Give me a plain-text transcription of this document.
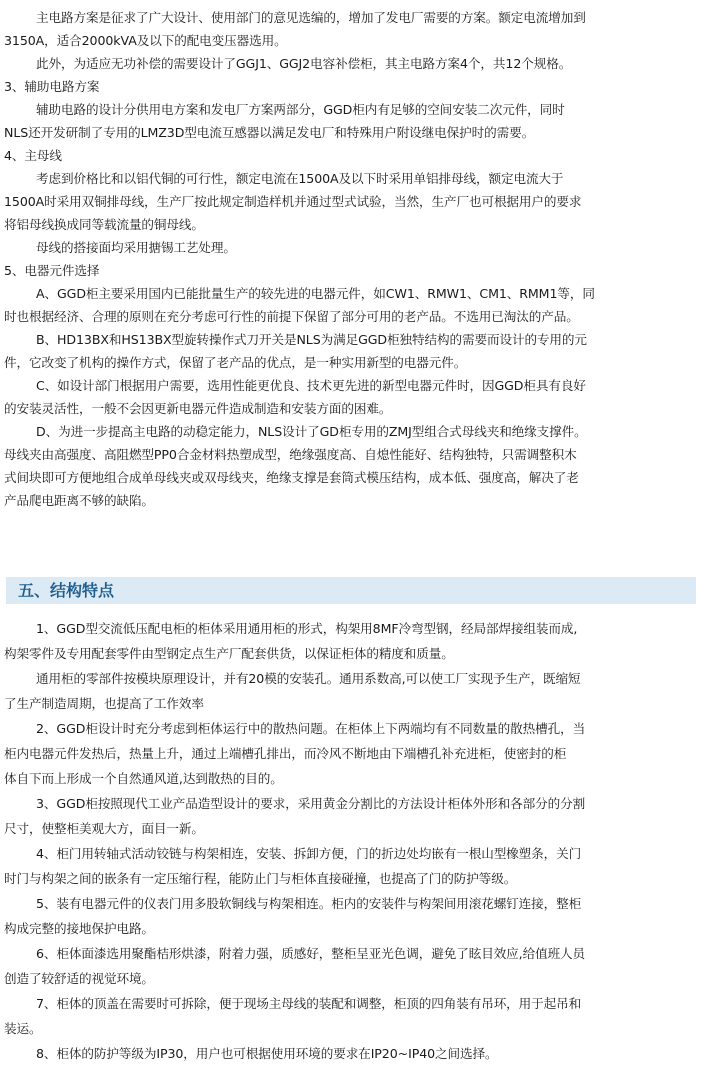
主电路方案是征求了广大设计、使用部门的意见选编的，增加了发电厂需要的方案。额定电流增加到
3150A，适合2000kVA及以下的配电变压器选用。
此外，为适应无功补偿的需要设计了GGJ1、GGJ2电容补偿柜，其主电路方案4个，共12个规格。
3、辅助电路方案
辅助电路的设计分供用电方案和发电厂方案两部分，GGD柜内有足够的空间安装二次元件，同时
NLS还开发研制了专用的LMZ3D型电流互感器以满足发电厂和特殊用户附设继电保护时的需要。
4、主母线
考虑到价格比和以铝代铜的可行性，额定电流在1500A及以下时采用单铝排母线，额定电流大于
1500A时采用双铜排母线，生产厂按此规定制造样机并通过型式试验，当然，生产厂也可根据用户的要求
将铝母线换成同等载流量的铜母线。
母线的搭接面均采用搪锡工艺处理。
5、电器元件选择
A、GGD柜主要采用国内已能批量生产的较先进的电器元件，如CW1、RMW1、CM1、RMM1等，同
时也根据经济、合理的原则在充分考虑可行性的前提下保留了部分可用的老产品。不选用已淘汰的产品。
B、HD13BX和HS13BX型旋转操作式刀开关是NLS为满足GGD柜独特结构的需要而设计的专用的元
件，它改变了机构的操作方式，保留了老产品的优点，是一种实用新型的电器元件。
C、如设计部门根据用户需要，选用性能更优良、技术更先进的新型电器元件时，因GGD柜具有良好
的安装灵活性，一般不会因更新电器元件造成制造和安装方面的困难。
D、为进一步提高主电路的动稳定能力，NLS设计了GD柜专用的ZMJ型组合式母线夹和绝缘支撑件。
母线夹由高强度、高阻燃型PP0合金材料热塑成型，绝缘强度高、自熄性能好、结构独特，只需调整积木
式间块即可方便地组合成单母线夹或双母线夹，绝缘支撑是套筒式模压结构，成本低、强度高，解决了老
产品爬电距离不够的缺陷。
五、结构特点
1、GGD型交流低压配电柜的柜体采用通用柜的形式，构架用8MF冷弯型钢，经局部焊接组装而成,
构架零件及专用配套零件由型钢定点生产厂配套供货，以保证柜体的精度和质量。
通用柜的零部件按模块原理设计，并有20模的安装孔。通用系数高,可以使工厂实现予生产，既缩短
了生产制造周期，也提高了工作效率
2、GGD柜设计时充分考虑到柜体运行中的散热问题。在柜体上下两端均有不同数量的散热槽孔，当
柜内电器元件发热后，热量上升，通过上端槽孔排出，而冷风不断地由下端槽孔补充进柜，使密封的柜
体自下而上形成一个自然通风道,达到散热的目的。
3、GGD柜按照现代工业产品造型设计的要求，采用黄金分割比的方法设计柜体外形和各部分的分割
尺寸，使整柜美观大方，面目一新。
4、柜门用转轴式活动铰链与构架相连，安装、拆卸方便，门的折边处均嵌有一根山型橡塑条，关门
时门与构架之间的嵌条有一定压缩行程，能防止门与柜体直接碰撞，也提高了门的防护等级。
5、装有电器元件的仪表门用多股软铜线与构架相连。柜内的安装件与构架间用滚花螺钉连接，整柜
构成完整的接地保护电路。
6、柜体面漆选用聚酯桔形烘漆，附着力强，质感好，整柜呈亚光色调，避免了眩目效应,给值班人员
创造了较舒适的视觉环境。
7、柜体的顶盖在需要时可拆除，便于现场主母线的装配和调整，柜顶的四角装有吊环，用于起吊和
装运。
8、柜体的防护等级为IP30，用户也可根据使用环境的要求在IP20~IP40之间选择。
